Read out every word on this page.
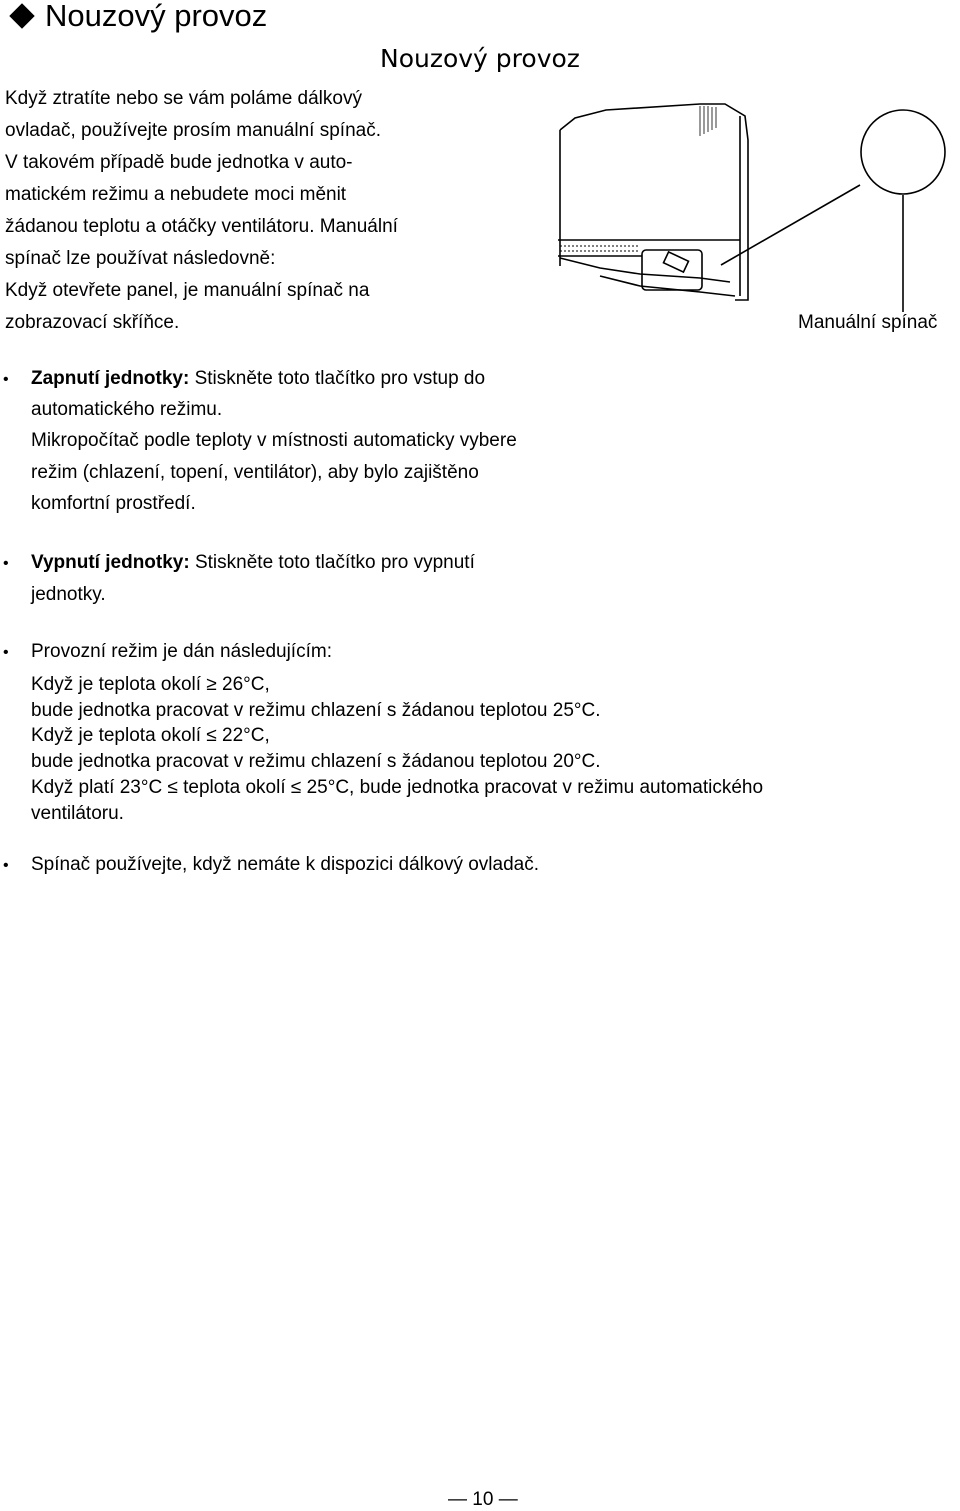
Nouzový provoz
Nouzový provoz
Když ztratíte nebo se vám poláme dálkový
ovladač, používejte prosím manuální spínač.
V takovém případě bude jednotka v auto-
matickém režimu a nebudete moci měnit
žádanou teplotu a otáčky ventilátoru. Manuální
spínač lze používat následovně:
Když otevřete panel, je manuální spínač na
zobrazovací skříňce.	Manuální spínač
• Zapnutí jednotky: Stiskněte toto tlačítko pro vstup do
automatického režimu.
Mikropočítač podle teploty v místnosti automaticky vybere
režim (chlazení, topení, ventilátor), aby bylo zajištěno
komfortní prostředí.
• Vypnutí jednotky: Stiskněte toto tlačítko pro vypnutí
jednotky.
• Provozní režim je dán následujícím:
Když je teplota okolí ≥ 26°C,
bude jednotka pracovat v režimu chlazení s žádanou teplotou 25°C.
Když je teplota okolí ≤ 22°C,
bude jednotka pracovat v režimu chlazení s žádanou teplotou 20°C.
Když platí 23°C ≤ teplota okolí ≤ 25°C, bude jednotka pracovat v režimu automatického
ventilátoru.
• Spínač používejte, když nemáte k dispozici dálkový ovladač.
— 10 —
